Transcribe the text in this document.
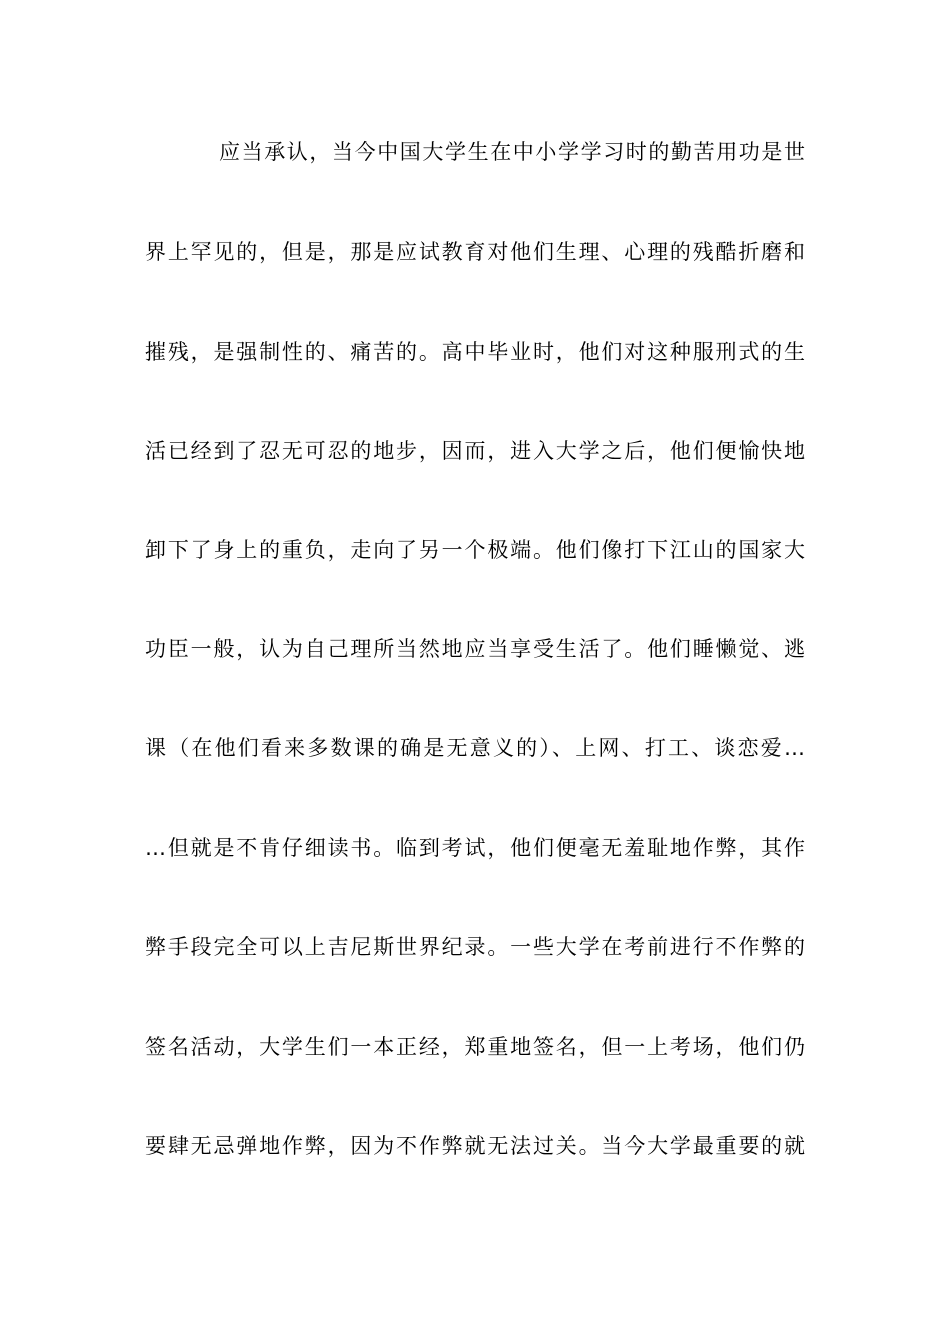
应当承认，当今中国大学生在中小学学习时的勤苦用功是世
界上罕见的，但是，那是应试教育对他们生理、心理的残酷折磨和
摧残，是强制性的、痛苦的。高中毕业时，他们对这种服刑式的生
活已经到了忍无可忍的地步，因而，进入大学之后，他们便愉快地
卸下了身上的重负，走向了另一个极端。他们像打下江山的国家大
功臣一般，认为自己理所当然地应当享受生活了。他们睡懒觉、逃
课（在他们看来多数课的确是无意义的）、上网、打工、谈恋爱…
…但就是不肯仔细读书。临到考试，他们便毫无羞耻地作弊，其作
弊手段完全可以上吉尼斯世界纪录。一些大学在考前进行不作弊的
签名活动，大学生们一本正经，郑重地签名，但一上考场，他们仍
要肆无忌弹地作弊，因为不作弊就无法过关。当今大学最重要的就
